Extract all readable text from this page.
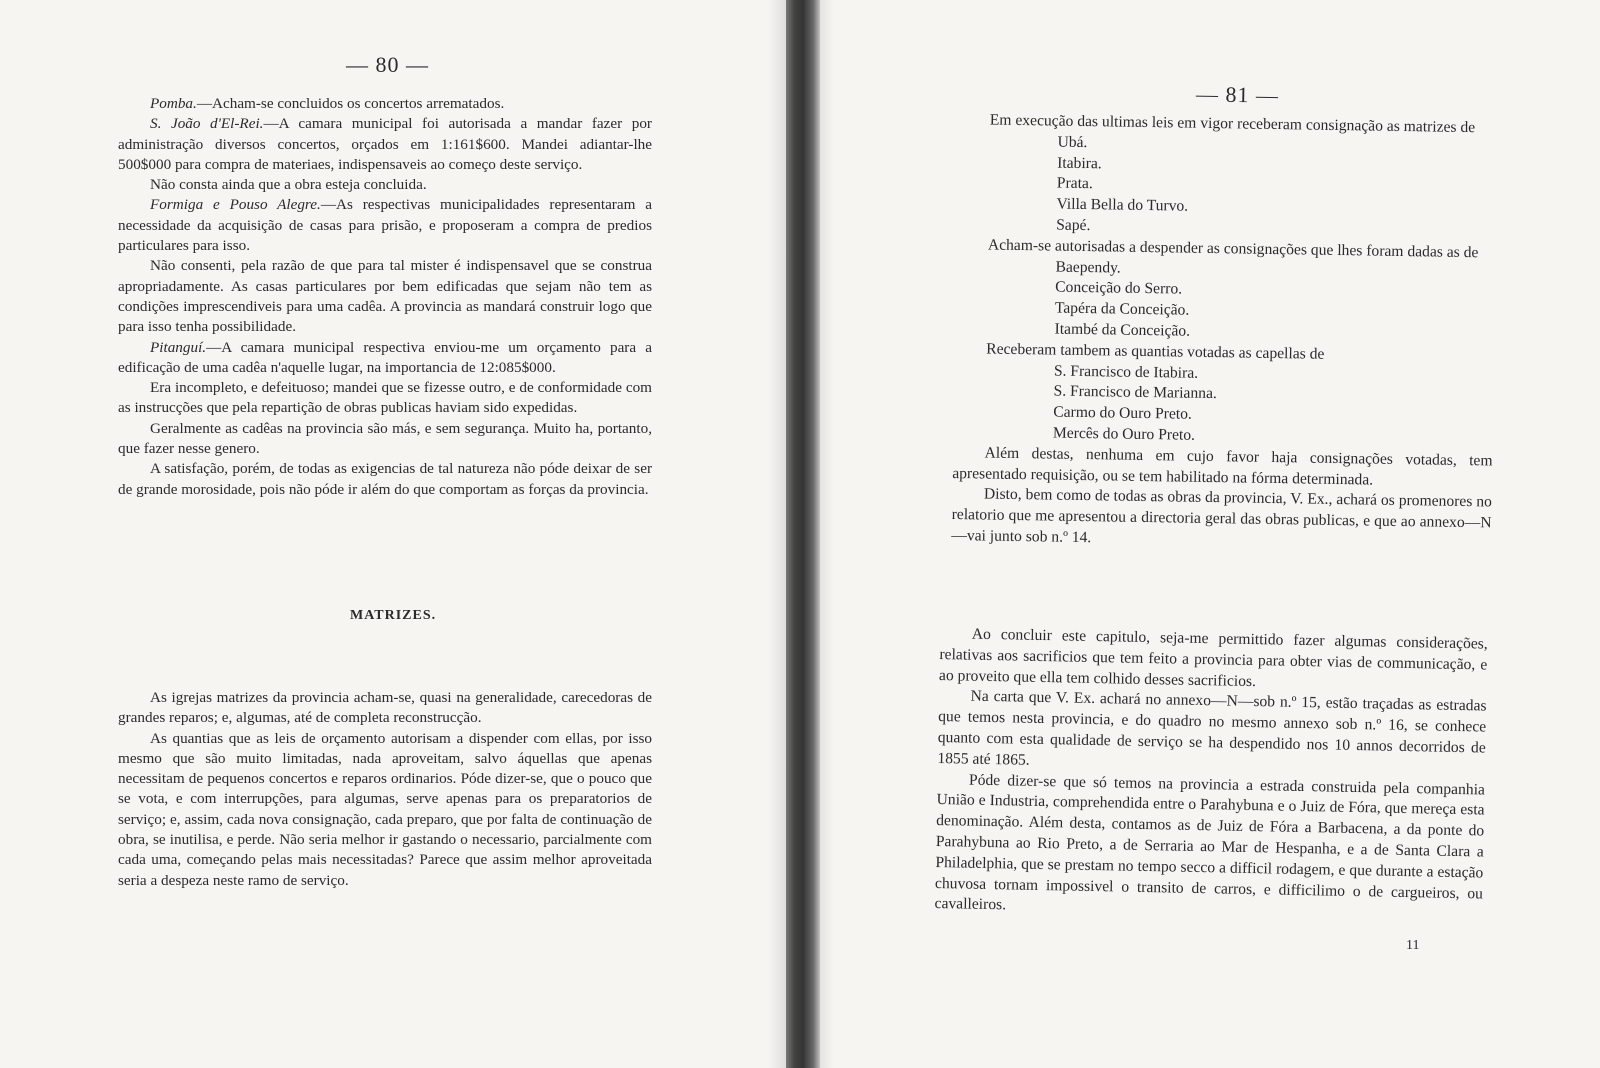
— 80 —

Pomba.—Acham-se concluidos os concertos arrematados.

S. João d'El-Rei.—A camara municipal foi autorisada a mandar fazer por administração diversos concertos, orçados em 1:161$600. Mandei adiantar-lhe 500$000 para compra de materiaes, indispensaveis ao começo deste serviço.

Não consta ainda que a obra esteja concluida.

Formiga e Pouso Alegre.—As respectivas municipalidades representaram a necessidade da acquisição de casas para prisão, e proposeram a compra de predios particulares para isso.

Não consenti, pela razão de que para tal mister é indispensavel que se construa apropriadamente. As casas particulares por bem edificadas que sejam não tem as condições imprescendiveis para uma cadêa. A provincia as mandará construir logo que para isso tenha possibilidade.

Pitanguí.—A camara municipal respectiva enviou-me um orçamento para a edificação de uma cadêa n'aquelle lugar, na importancia de 12:085$000.

Era incompleto, e defeituoso; mandei que se fizesse outro, e de conformidade com as instrucções que pela repartição de obras publicas haviam sido expedidas.

Geralmente as cadêas na provincia são más, e sem segurança. Muito ha, portanto, que fazer nesse genero.

A satisfação, porém, de todas as exigencias de tal natureza não póde deixar de ser de grande morosidade, pois não póde ir além do que comportam as forças da provincia.

MATRIZES.

As igrejas matrizes da provincia acham-se, quasi na generalidade, carecedoras de grandes reparos; e, algumas, até de completa reconstrucção.

As quantias que as leis de orçamento autorisam a dispender com ellas, por isso mesmo que são muito limitadas, nada aproveitam, salvo áquellas que apenas necessitam de pequenos concertos e reparos ordinarios. Póde dizer-se, que o pouco que se vota, e com interrupções, para algumas, serve apenas para os preparatorios de serviço; e, assim, cada nova consignação, cada preparo, que por falta de continuação de obra, se inutilisa, e perde. Não seria melhor ir gastando o necessario, parcialmente com cada uma, começando pelas mais necessitadas? Parece que assim melhor aproveitada seria a despeza neste ramo de serviço.

— 81 —

Em execução das ultimas leis em vigor receberam consignação as matrizes de

Ubá.
Itabira.
Prata.
Villa Bella do Turvo.
Sapé.

Acham-se autorisadas a despender as consignações que lhes foram dadas as de

Baependy.
Conceição do Serro.
Tapéra da Conceição.
Itambé da Conceição.

Receberam tambem as quantias votadas as capellas de

S. Francisco de Itabira.
S. Francisco de Marianna.
Carmo do Ouro Preto.
Mercês do Ouro Preto.

Além destas, nenhuma em cujo favor haja consignações votadas, tem apresentado requisição, ou se tem habilitado na fórma determinada.

Disto, bem como de todas as obras da provincia, V. Ex., achará os promenores no relatorio que me apresentou a directoria geral das obras publicas, e que ao annexo—N—vai junto sob n.º 14.

Ao concluir este capitulo, seja-me permittido fazer algumas considerações, relativas aos sacrificios que tem feito a provincia para obter vias de communicação, e ao proveito que ella tem colhido desses sacrificios.

Na carta que V. Ex. achará no annexo—N—sob n.º 15, estão traçadas as estradas que temos nesta provincia, e do quadro no mesmo annexo sob n.º 16, se conhece quanto com esta qualidade de serviço se ha despendido nos 10 annos decorridos de 1855 até 1865.

Póde dizer-se que só temos na provincia a estrada construida pela companhia União e Industria, comprehendida entre o Parahybuna e o Juiz de Fóra, que mereça esta denominação. Além desta, contamos as de Juiz de Fóra a Barbacena, a da ponte do Parahybuna ao Rio Preto, a de Serraria ao Mar de Hespanha, e a de Santa Clara a Philadelphia, que se prestam no tempo secco a difficil rodagem, e que durante a estação chuvosa tornam impossivel o transito de carros, e difficilimo o de cargueiros, ou cavalleiros.

11
